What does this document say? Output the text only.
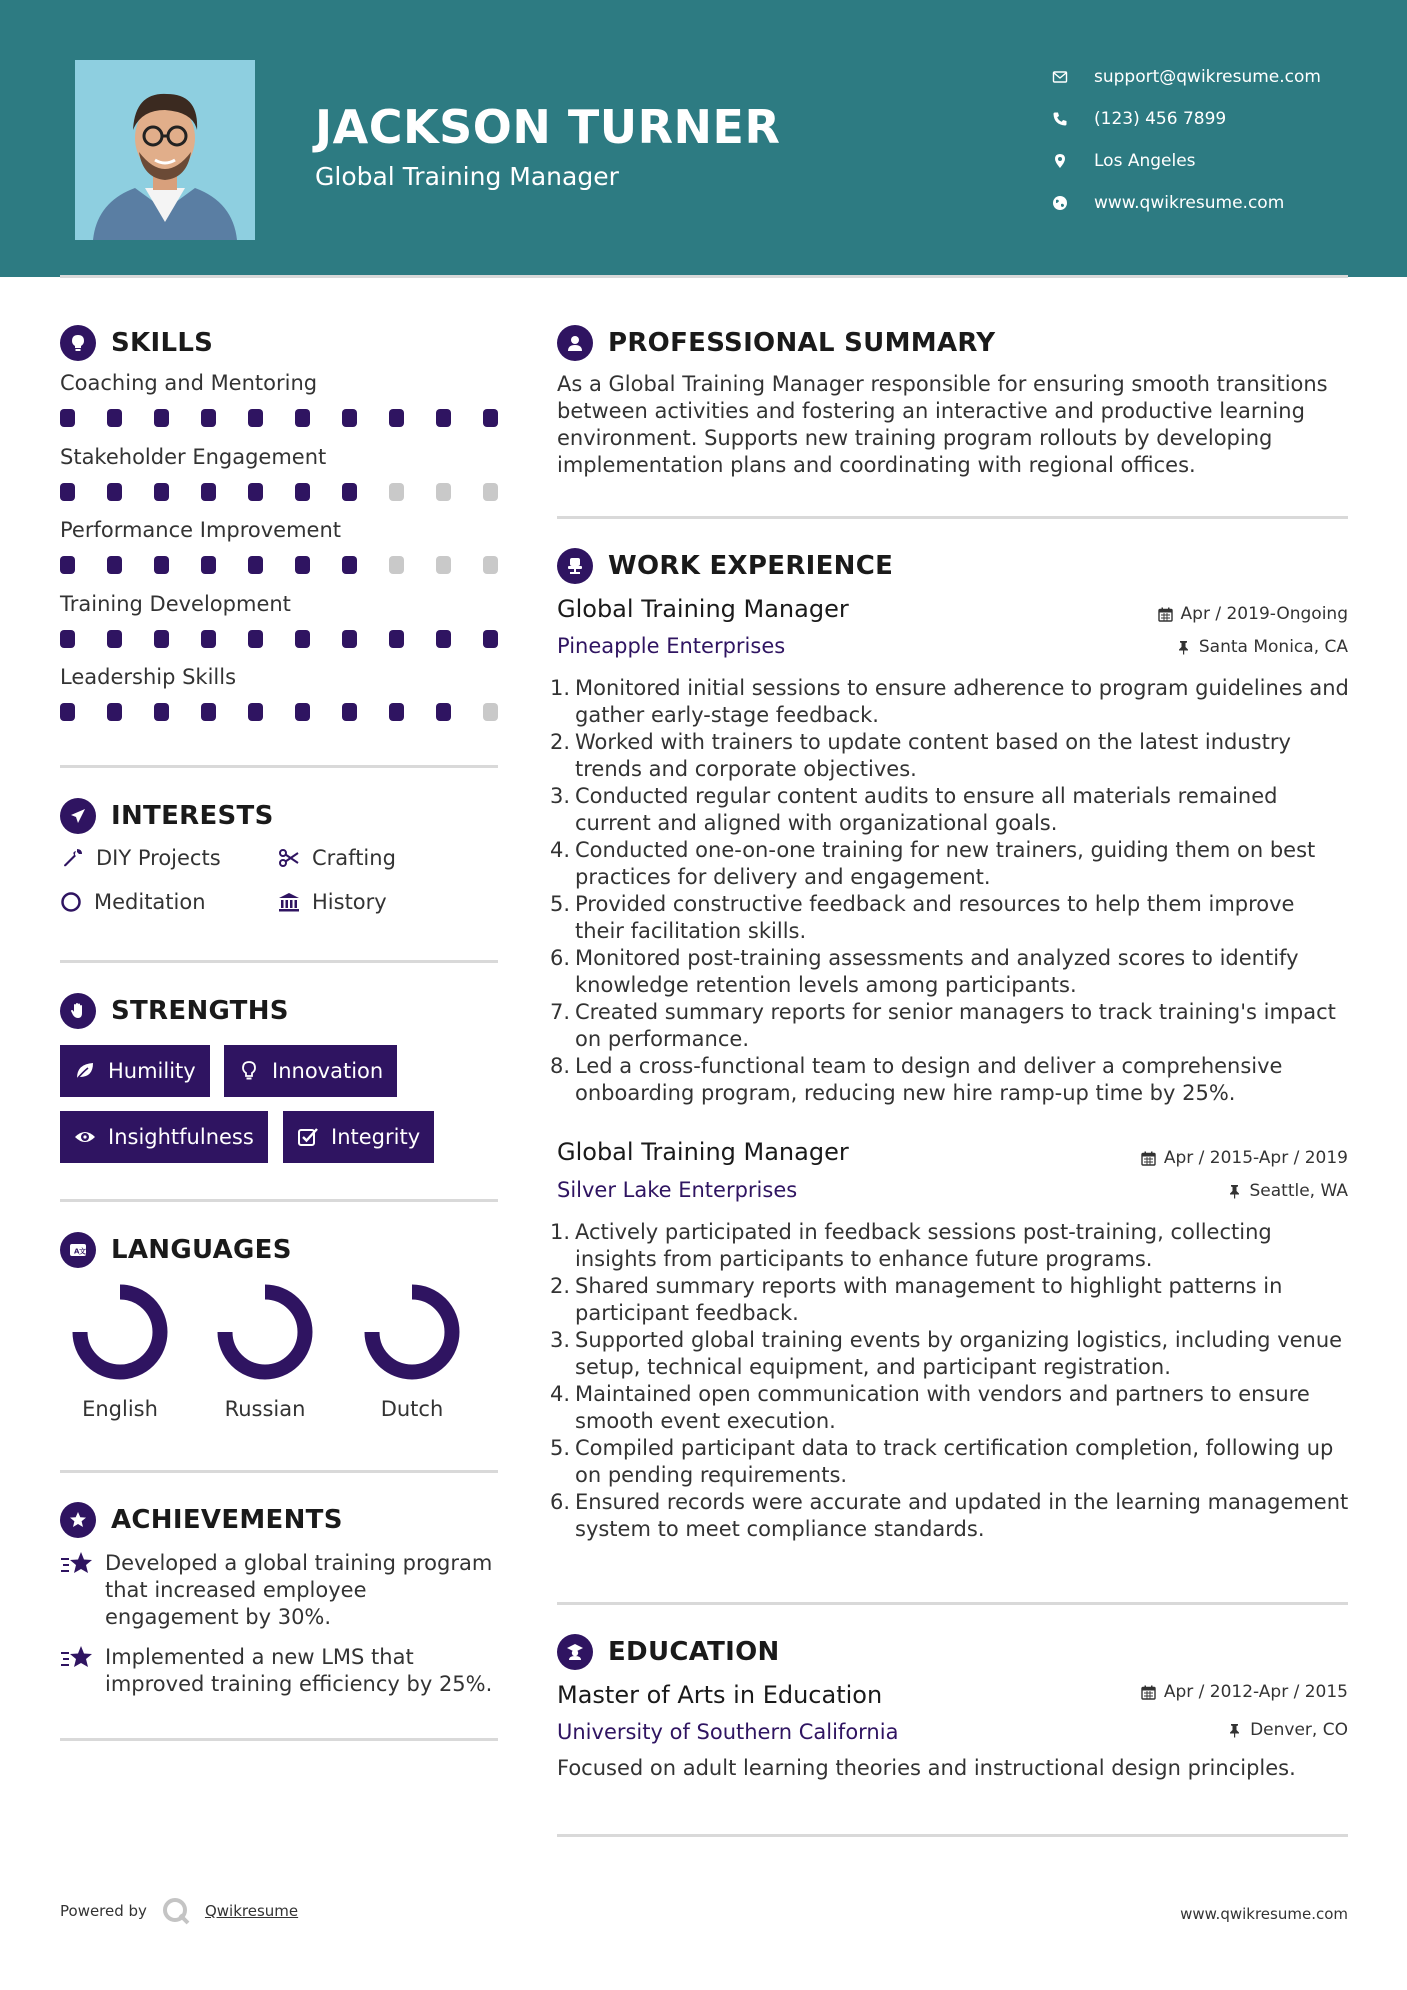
JACKSON TURNER
Global Training Manager
support@qwikresume.com
(123) 456 7899
Los Angeles
www.qwikresume.com
SKILLS
Coaching and Mentoring
Stakeholder Engagement
Performance Improvement
Training Development
Leadership Skills
INTERESTS
DIY Projects	Crafting
Meditation	History
STRENGTHS
Humility	Innovation
Insightfulness	Integrity
A 文 LANGUAGES
English	Russian	Dutch
ACHIEVEMENTS
Developed a global training program that increased employee engagement by 30%.
Implemented a new LMS that improved training efficiency by 25%.
PROFESSIONAL SUMMARY
As a Global Training Manager responsible for ensuring smooth transitions between activities and fostering an interactive and productive learning environment. Supports new training program rollouts by developing implementation plans and coordinating with regional offices.
WORK EXPERIENCE
Global Training Manager	Apr / 2019-Ongoing
Pineapple Enterprises	Santa Monica, CA
1. Monitored initial sessions to ensure adherence to program guidelines and gather early-stage feedback.
2. Worked with trainers to update content based on the latest industry trends and corporate objectives.
3. Conducted regular content audits to ensure all materials remained current and aligned with organizational goals.
4. Conducted one-on-one training for new trainers, guiding them on best practices for delivery and engagement.
5. Provided constructive feedback and resources to help them improve their facilitation skills.
6. Monitored post-training assessments and analyzed scores to identify knowledge retention levels among participants.
7. Created summary reports for senior managers to track training's impact on performance.
8. Led a cross-functional team to design and deliver a comprehensive onboarding program, reducing new hire ramp-up time by 25%.
Global Training Manager	Apr / 2015-Apr / 2019
Silver Lake Enterprises	Seattle, WA
1. Actively participated in feedback sessions post-training, collecting insights from participants to enhance future programs.
2. Shared summary reports with management to highlight patterns in participant feedback.
3. Supported global training events by organizing logistics, including venue setup, technical equipment, and participant registration.
4. Maintained open communication with vendors and partners to ensure smooth event execution.
5. Compiled participant data to track certification completion, following up on pending requirements.
6. Ensured records were accurate and updated in the learning management system to meet compliance standards.
EDUCATION
Master of Arts in Education	Apr / 2012-Apr / 2015
University of Southern California	Denver, CO
Focused on adult learning theories and instructional design principles.
Powered by	Qwikresume	www.qwikresume.com
